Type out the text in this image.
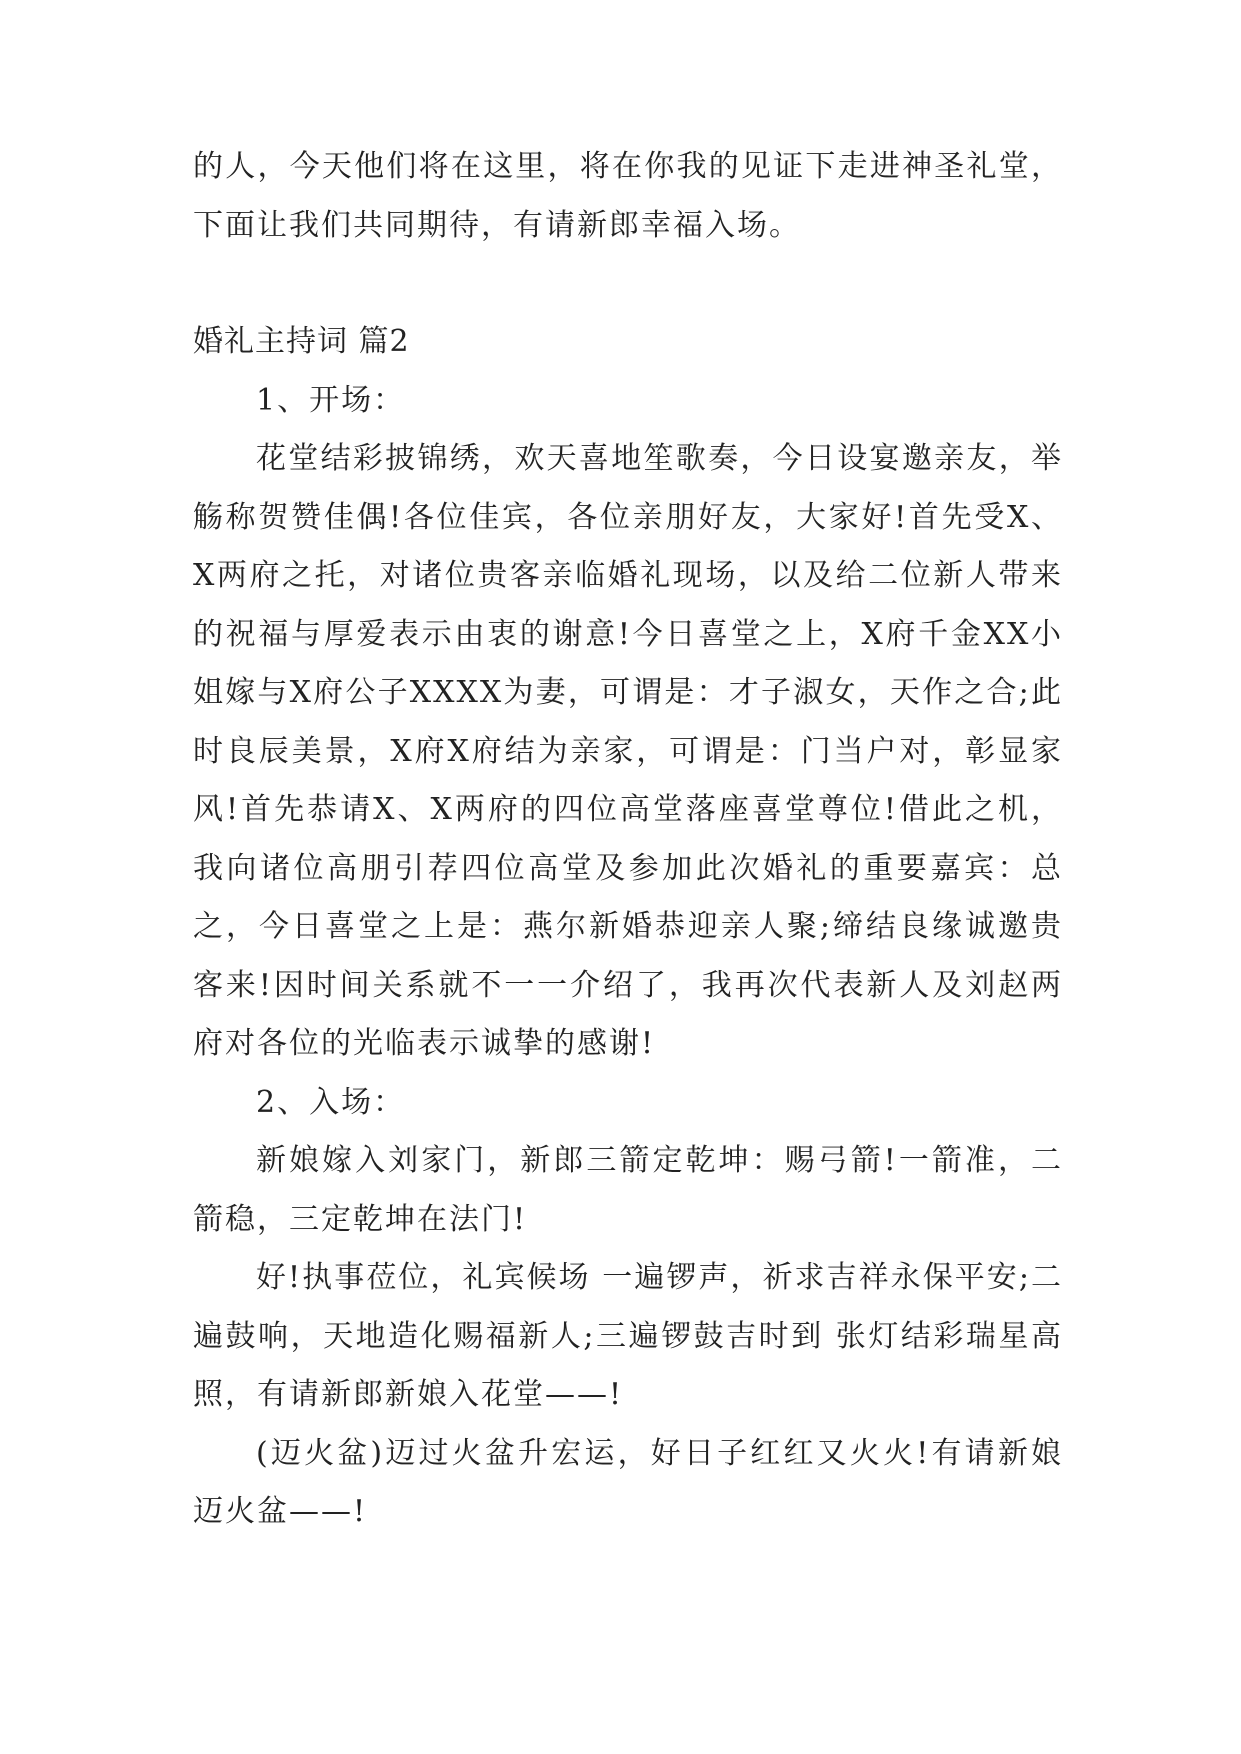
的人，今天他们将在这里，将在你我的见证下走进神圣礼堂，下面让我们共同期待，有请新郎幸福入场。

婚礼主持词 篇2

1、开场：

花堂结彩披锦绣，欢天喜地笙歌奏，今日设宴邀亲友，举觞称贺赞佳偶!各位佳宾，各位亲朋好友，大家好!首先受X、X两府之托，对诸位贵客亲临婚礼现场，以及给二位新人带来的祝福与厚爱表示由衷的谢意!今日喜堂之上，X府千金XX小姐嫁与X府公子XXXX为妻，可谓是：才子淑女，天作之合;此时良辰美景，X府X府结为亲家，可谓是：门当户对，彰显家风!首先恭请X、X两府的四位高堂落座喜堂尊位!借此之机，我向诸位高朋引荐四位高堂及参加此次婚礼的重要嘉宾：总之，今日喜堂之上是：燕尔新婚恭迎亲人聚;缔结良缘诚邀贵客来!因时间关系就不一一介绍了，我再次代表新人及刘赵两府对各位的光临表示诚挚的感谢!

2、入场：

新娘嫁入刘家门，新郎三箭定乾坤：赐弓箭!一箭准，二箭稳，三定乾坤在法门!

好!执事莅位，礼宾候场 一遍锣声，祈求吉祥永保平安;二遍鼓响，天地造化赐福新人;三遍锣鼓吉时到 张灯结彩瑞星高照，有请新郎新娘入花堂——!

(迈火盆)迈过火盆升宏运，好日子红红又火火!有请新娘迈火盆——!
